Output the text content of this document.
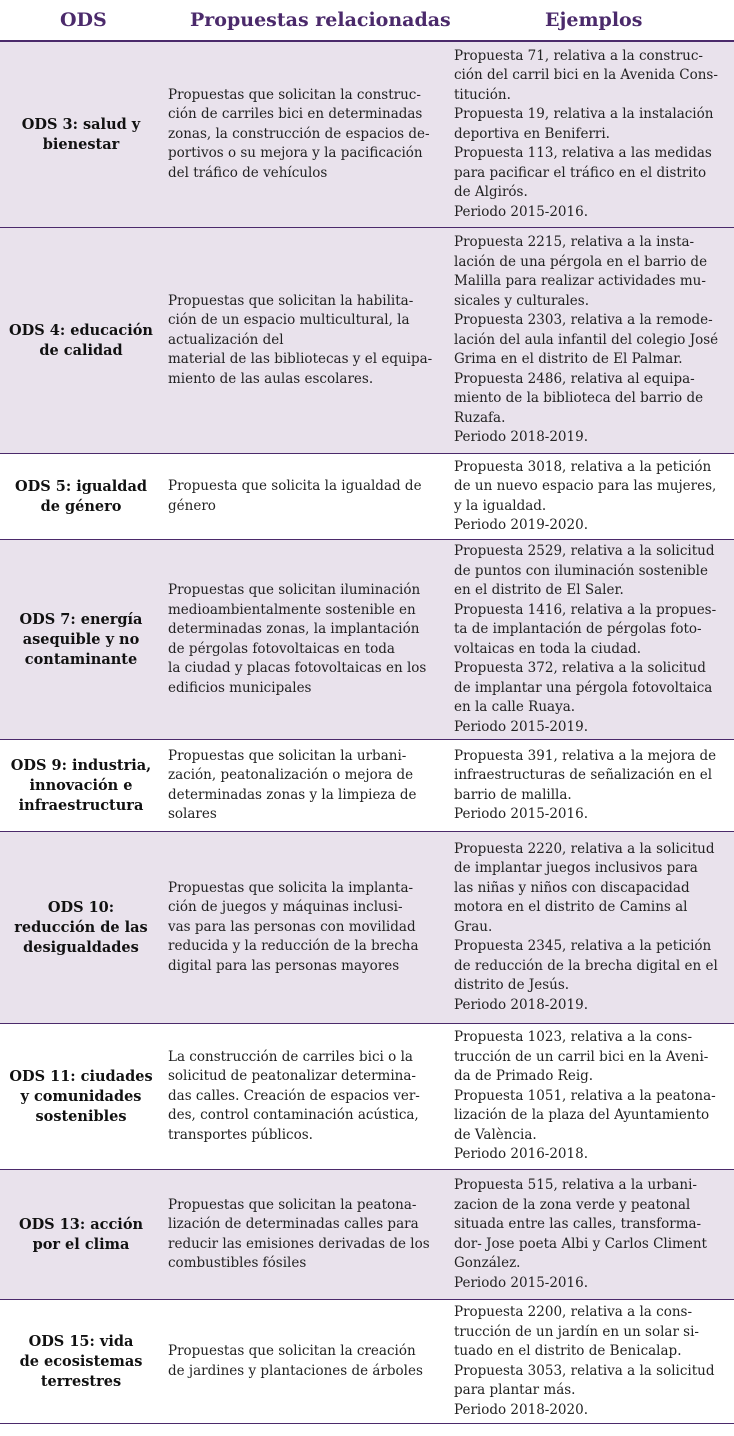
ODS	Propuestas relacionadas	Ejemplos
ODS 3: salud y
bienestar
Propuestas que solicitan la construc-
ción de carriles bici en determinadas
zonas, la construcción de espacios de-
portivos o su mejora y la pacificación
del tráfico de vehículos
Propuesta 71, relativa a la construc-
ción del carril bici en la Avenida Cons-
titución.
Propuesta 19, relativa a la instalación
deportiva en Beniferri.
Propuesta 113, relativa a las medidas
para pacificar el tráfico en el distrito
de Algirós.
Periodo 2015-2016.
ODS 4: educación
de calidad
Propuestas que solicitan la habilita-
ción de un espacio multicultural, la
actualización del
material de las bibliotecas y el equipa-
miento de las aulas escolares.
Propuesta 2215, relativa a la insta-
lación de una pérgola en el barrio de
Malilla para realizar actividades mu-
sicales y culturales.
Propuesta 2303, relativa a la remode-
lación del aula infantil del colegio José
Grima en el distrito de El Palmar.
Propuesta 2486, relativa al equipa-
miento de la biblioteca del barrio de
Ruzafa.
Periodo 2018-2019.
ODS 5: igualdad
de género
Propuesta que solicita la igualdad de
género
Propuesta 3018, relativa a la petición
de un nuevo espacio para las mujeres,
y la igualdad.
Periodo 2019-2020.
ODS 7: energía
asequible y no
contaminante
Propuestas que solicitan iluminación
medioambientalmente sostenible en
determinadas zonas, la implantación
de pérgolas fotovoltaicas en toda
la ciudad y placas fotovoltaicas en los
edificios municipales
Propuesta 2529, relativa a la solicitud
de puntos con iluminación sostenible
en el distrito de El Saler.
Propuesta 1416, relativa a la propues-
ta de implantación de pérgolas foto-
voltaicas en toda la ciudad.
Propuesta 372, relativa a la solicitud
de implantar una pérgola fotovoltaica
en la calle Ruaya.
Periodo 2015-2019.
ODS 9: industria,
innovación e
infraestructura
Propuestas que solicitan la urbani-
zación, peatonalización o mejora de
determinadas zonas y la limpieza de
solares
Propuesta 391, relativa a la mejora de
infraestructuras de señalización en el
barrio de malilla.
Periodo 2015-2016.
ODS 10:
reducción de las
desigualdades
Propuestas que solicita la implanta-
ción de juegos y máquinas inclusi-
vas para las personas con movilidad
reducida y la reducción de la brecha
digital para las personas mayores
Propuesta 2220, relativa a la solicitud
de implantar juegos inclusivos para
las niñas y niños con discapacidad
motora en el distrito de Camins al
Grau.
Propuesta 2345, relativa a la petición
de reducción de la brecha digital en el
distrito de Jesús.
Periodo 2018-2019.
ODS 11: ciudades
y comunidades
sostenibles
La construcción de carriles bici o la
solicitud de peatonalizar determina-
das calles. Creación de espacios ver-
des, control contaminación acústica,
transportes públicos.
Propuesta 1023, relativa a la cons-
trucción de un carril bici en la Aveni-
da de Primado Reig.
Propuesta 1051, relativa a la peatona-
lización de la plaza del Ayuntamiento
de València.
Periodo 2016-2018.
ODS 13: acción
por el clima
Propuestas que solicitan la peatona-
lización de determinadas calles para
reducir las emisiones derivadas de los
combustibles fósiles
Propuesta 515, relativa a la urbani-
zacion de la zona verde y peatonal
situada entre las calles, transforma-
dor- Jose poeta Albi y Carlos Climent
González.
Periodo 2015-2016.
ODS 15: vida
de ecosistemas
terrestres
Propuestas que solicitan la creación
de jardines y plantaciones de árboles
Propuesta 2200, relativa a la cons-
trucción de un jardín en un solar si-
tuado en el distrito de Benicalap.
Propuesta 3053, relativa a la solicitud
para plantar más.
Periodo 2018-2020.
